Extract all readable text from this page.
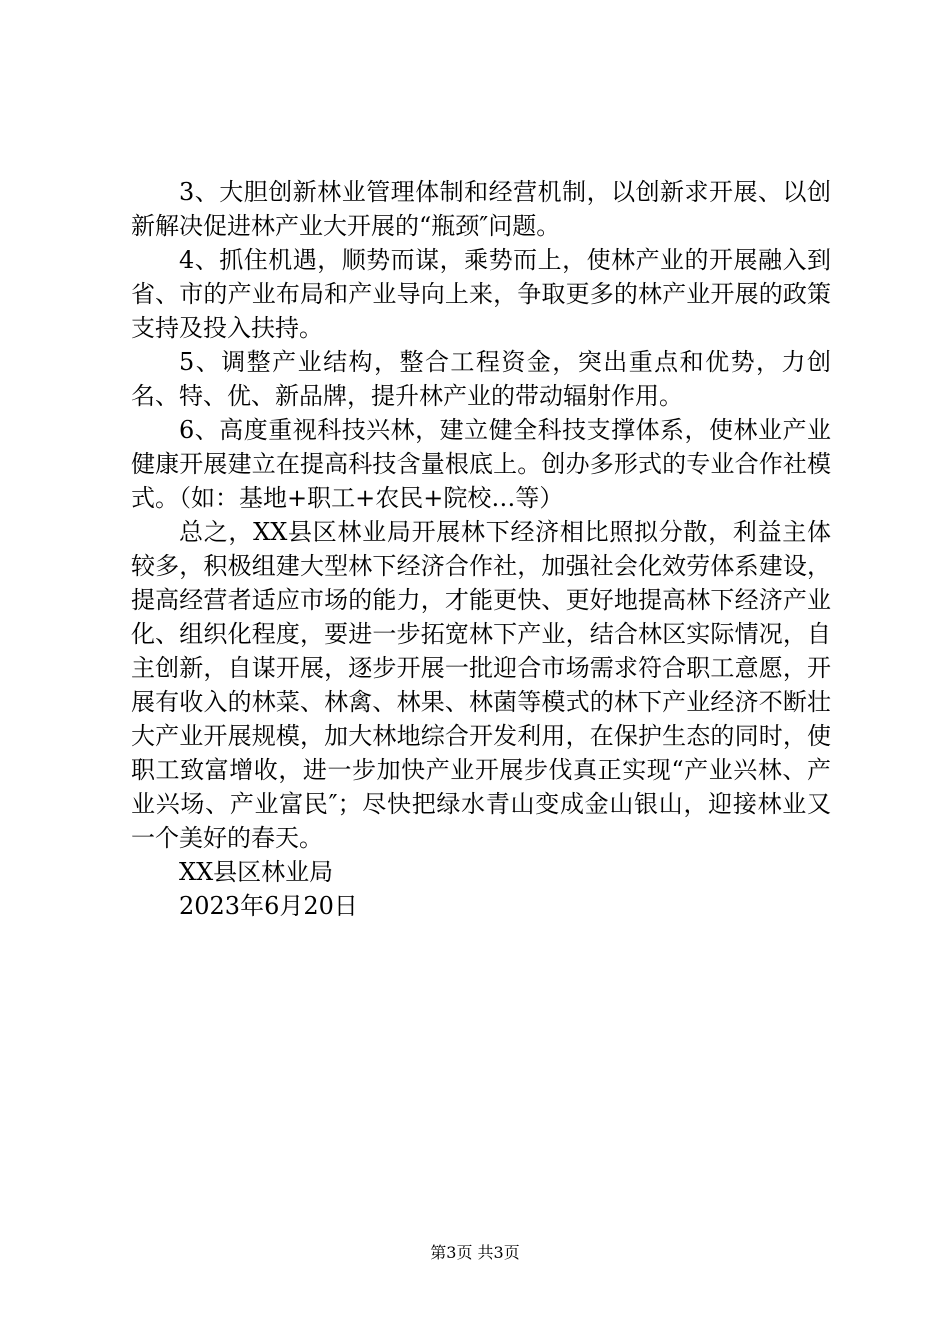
3、大胆创新林业管理体制和经营机制，以创新求开展、以创新解决促进林产业大开展的“瓶颈″问题。

4、抓住机遇，顺势而谋，乘势而上，使林产业的开展融入到省、市的产业布局和产业导向上来，争取更多的林产业开展的政策支持及投入扶持。

5、调整产业结构，整合工程资金，突出重点和优势，力创名、特、优、新品牌，提升林产业的带动辐射作用。

6、高度重视科技兴林，建立健全科技支撑体系，使林业产业健康开展建立在提高科技含量根底上。创办多形式的专业合作社模式。（如：基地+职工+农民+院校…等）

总之，XX县区林业局开展林下经济相比照拟分散，利益主体较多，积极组建大型林下经济合作社，加强社会化效劳体系建设，提高经营者适应市场的能力，才能更快、更好地提高林下经济产业化、组织化程度，要进一步拓宽林下产业，结合林区实际情况，自主创新，自谋开展，逐步开展一批迎合市场需求符合职工意愿，开展有收入的林菜、林禽、林果、林菌等模式的林下产业经济不断壮大产业开展规模，加大林地综合开发利用，在保护生态的同时，使职工致富增收，进一步加快产业开展步伐真正实现“产业兴林、产业兴场、产业富民″；尽快把绿水青山变成金山银山，迎接林业又一个美好的春天。

XX县区林业局

2023年6月20日

第3页 共3页
